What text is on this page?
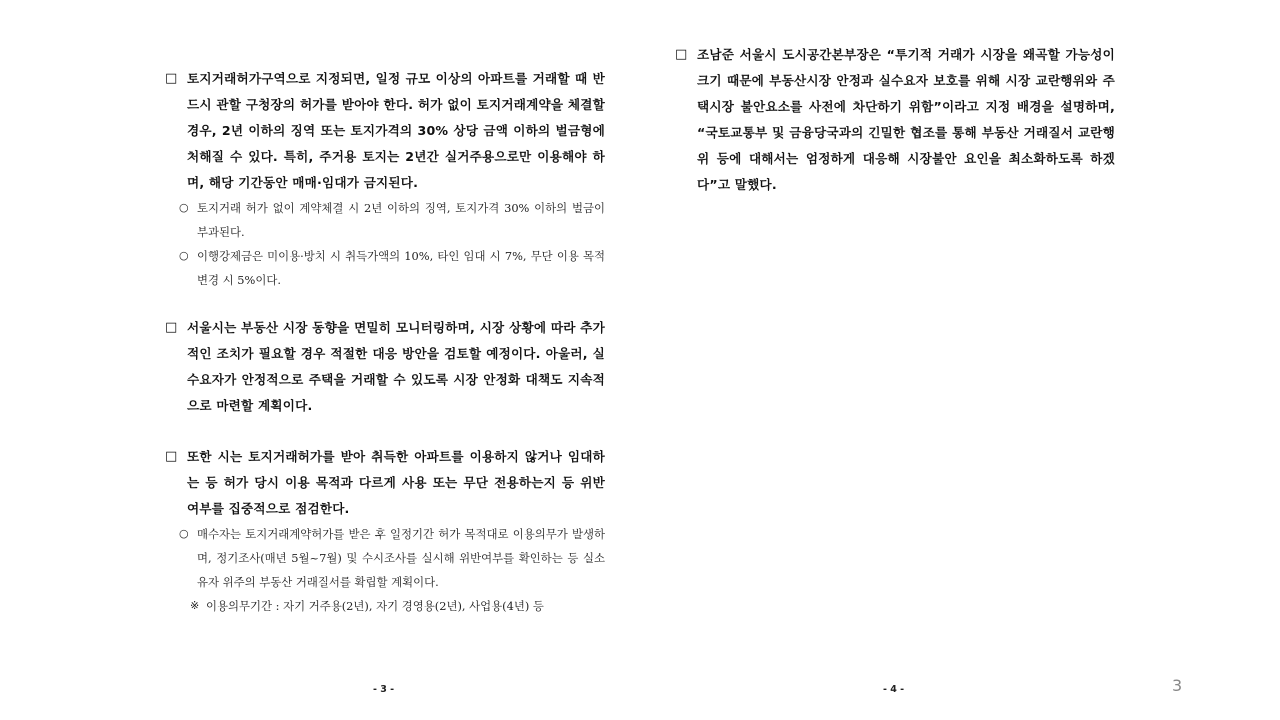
□ 토지거래허가구역으로 지정되면, 일정 규모 이상의 아파트를 거래할 때 반드시 관할 구청장의 허가를 받아야 한다. 허가 없이 토지거래계약을 체결할 경우, 2년 이하의 징역 또는 토지가격의 30% 상당 금액 이하의 벌금형에 처해질 수 있다. 특히, 주거용 토지는 2년간 실거주용으로만 이용해야 하며, 해당 기간동안 매매·임대가 금지된다.
○ 토지거래 허가 없이 계약체결 시 2년 이하의 징역, 토지가격 30% 이하의 벌금이 부과된다.
○ 이행강제금은 미이용·방치 시 취득가액의 10%, 타인 임대 시 7%, 무단 이용 목적 변경 시 5%이다.
□ 서울시는 부동산 시장 동향을 면밀히 모니터링하며, 시장 상황에 따라 추가적인 조치가 필요할 경우 적절한 대응 방안을 검토할 예정이다. 아울러, 실수요자가 안정적으로 주택을 거래할 수 있도록 시장 안정화 대책도 지속적으로 마련할 계획이다.
□ 또한 시는 토지거래허가를 받아 취득한 아파트를 이용하지 않거나 임대하는 등 허가 당시 이용 목적과 다르게 사용 또는 무단 전용하는지 등 위반 여부를 집중적으로 점검한다.
○ 매수자는 토지거래계약허가를 받은 후 일정기간 허가 목적대로 이용의무가 발생하며, 정기조사(매년 5월~7월) 및 수시조사를 실시해 위반여부를 확인하는 등 실소유자 위주의 부동산 거래질서를 확립할 계획이다.
※ 이용의무기간 : 자기 거주용(2년), 자기 경영용(2년), 사업용(4년) 등
- 3 -
□ 조남준 서울시 도시공간본부장은 “투기적 거래가 시장을 왜곡할 가능성이 크기 때문에 부동산시장 안정과 실수요자 보호를 위해 시장 교란행위와 주택시장 불안요소를 사전에 차단하기 위함”이라고 지정 배경을 설명하며, “국토교통부 및 금융당국과의 긴밀한 협조를 통해 부동산 거래질서 교란행위 등에 대해서는 엄정하게 대응해 시장불안 요인을 최소화하도록 하겠다”고 말했다.
- 4 -	3
